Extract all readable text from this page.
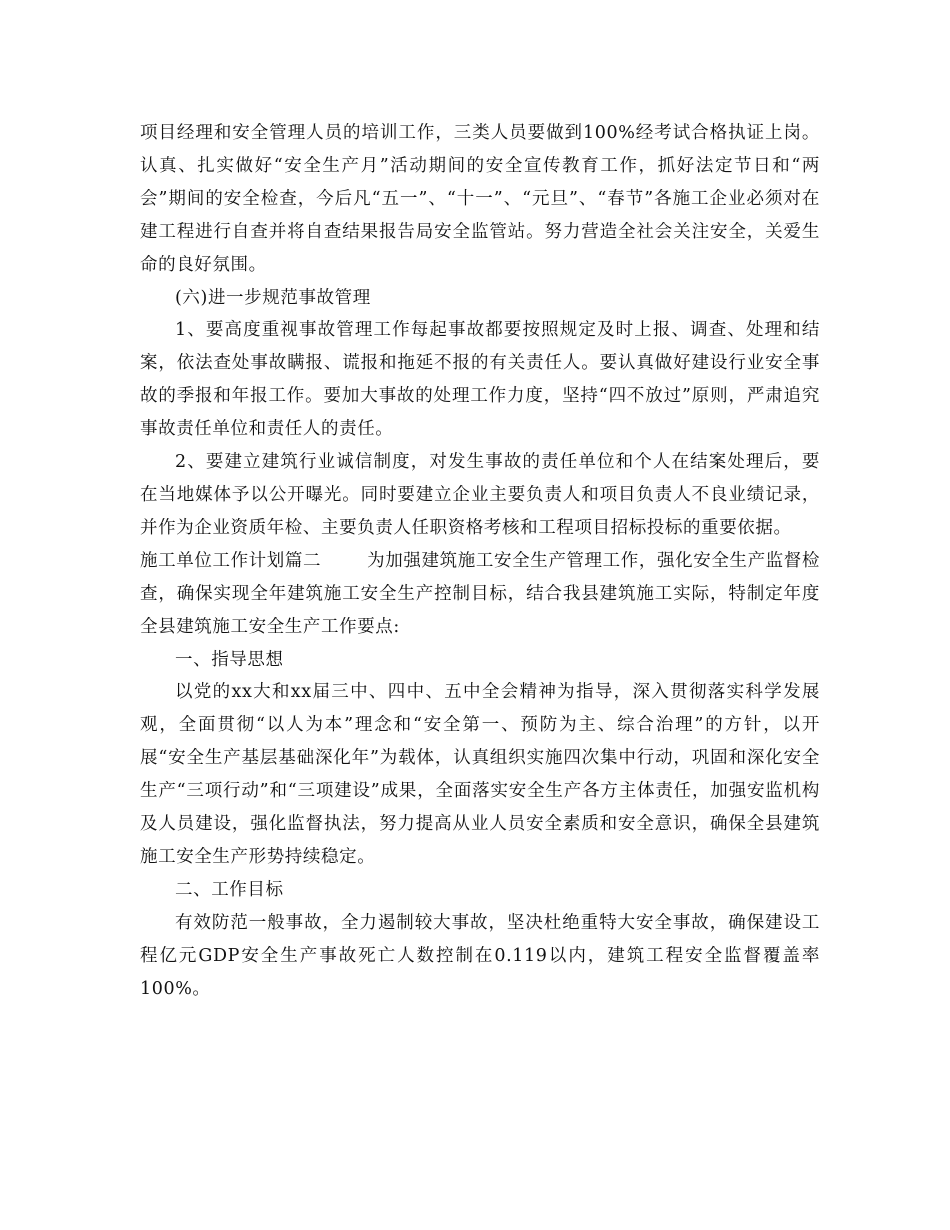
项目经理和安全管理人员的培训工作，三类人员要做到100%经考试合格执证上岗。认真、扎实做好“安全生产月”活动期间的安全宣传教育工作，抓好法定节日和“两会”期间的安全检查，今后凡“五一”、“十一”、“元旦”、“春节”各施工企业必须对在建工程进行自查并将自查结果报告局安全监管站。努力营造全社会关注安全，关爱生命的良好氛围。

(六)进一步规范事故管理

1、要高度重视事故管理工作每起事故都要按照规定及时上报、调查、处理和结案，依法查处事故瞒报、谎报和拖延不报的有关责任人。要认真做好建设行业安全事故的季报和年报工作。要加大事故的处理工作力度，坚持“四不放过”原则，严肃追究事故责任单位和责任人的责任。

2、要建立建筑行业诚信制度，对发生事故的责任单位和个人在结案处理后，要在当地媒体予以公开曝光。同时要建立企业主要负责人和项目负责人不良业绩记录，并作为企业资质年检、主要负责人任职资格考核和工程项目招标投标的重要依据。

施工单位工作计划篇二	为加强建筑施工安全生产管理工作，强化安全生产监督检查，确保实现全年建筑施工安全生产控制目标，结合我县建筑施工实际，特制定年度全县建筑施工安全生产工作要点:

一、指导思想

以党的xx大和xx届三中、四中、五中全会精神为指导，深入贯彻落实科学发展观，全面贯彻“以人为本”理念和“安全第一、预防为主、综合治理”的方针，以开展“安全生产基层基础深化年”为载体，认真组织实施四次集中行动，巩固和深化安全生产“三项行动”和“三项建设”成果，全面落实安全生产各方主体责任，加强安监机构及人员建设，强化监督执法，努力提高从业人员安全素质和安全意识，确保全县建筑施工安全生产形势持续稳定。

二、工作目标

有效防范一般事故，全力遏制较大事故，坚决杜绝重特大安全事故，确保建设工程亿元GDP安全生产事故死亡人数控制在0.119以内，建筑工程安全监督覆盖率100%。
